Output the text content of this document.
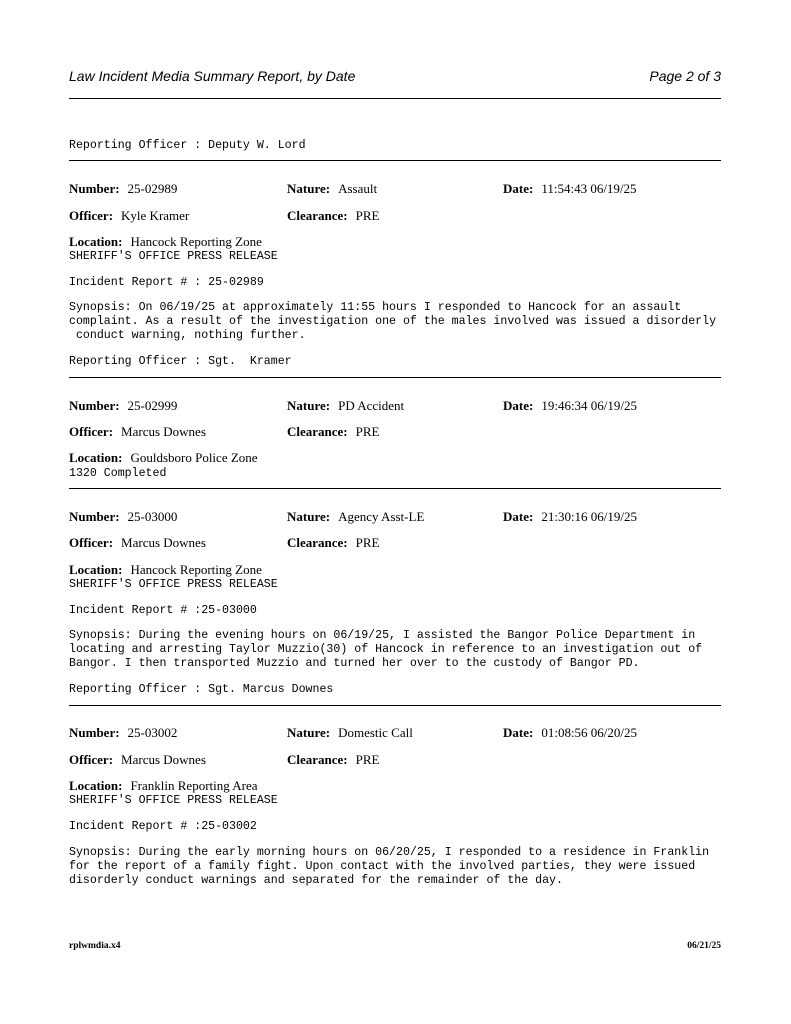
Law Incident Media Summary Report, by Date	Page 2 of 3
Reporting Officer : Deputy W. Lord
Number: 25-02989	Nature: Assault	Date: 11:54:43 06/19/25
Officer: Kyle Kramer	Clearance: PRE
Location: Hancock Reporting Zone
SHERIFF'S OFFICE PRESS RELEASE
Incident Report # : 25-02989
Synopsis: On 06/19/25 at approximately 11:55 hours I responded to Hancock for an assault
complaint. As a result of the investigation one of the males involved was issued a disorderly
conduct warning, nothing further.
Reporting Officer : Sgt.  Kramer
Number: 25-02999	Nature: PD Accident	Date: 19:46:34 06/19/25
Officer: Marcus Downes	Clearance: PRE
Location: Gouldsboro Police Zone
1320 Completed
Number: 25-03000	Nature: Agency Asst-LE	Date: 21:30:16 06/19/25
Officer: Marcus Downes	Clearance: PRE
Location: Hancock Reporting Zone
SHERIFF'S OFFICE PRESS RELEASE
Incident Report # :25-03000
Synopsis: During the evening hours on 06/19/25, I assisted the Bangor Police Department in
locating and arresting Taylor Muzzio(30) of Hancock in reference to an investigation out of
Bangor. I then transported Muzzio and turned her over to the custody of Bangor PD.
Reporting Officer : Sgt. Marcus Downes
Number: 25-03002	Nature: Domestic Call	Date: 01:08:56 06/20/25
Officer: Marcus Downes	Clearance: PRE
Location: Franklin Reporting Area
SHERIFF'S OFFICE PRESS RELEASE
Incident Report # :25-03002
Synopsis: During the early morning hours on 06/20/25, I responded to a residence in Franklin
for the report of a family fight. Upon contact with the involved parties, they were issued
disorderly conduct warnings and separated for the remainder of the day.
rplwmdia.x4	06/21/25
